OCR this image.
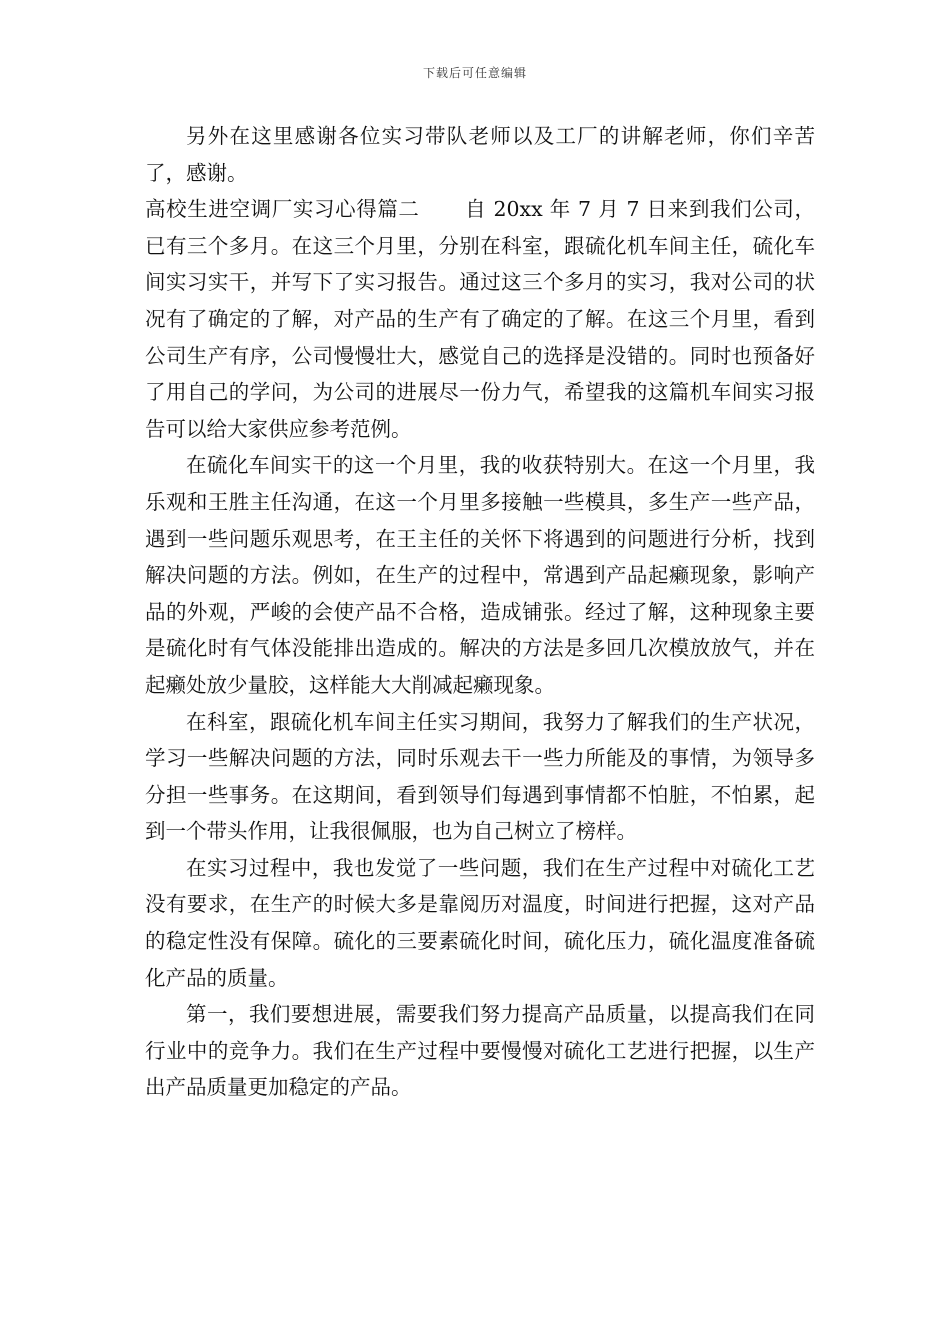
下载后可任意编辑

另外在这里感谢各位实习带队老师以及工厂的讲解老师，你们辛苦了，感谢。

高校生进空调厂实习心得篇二 自 20xx 年 7 月 7 日来到我们公司，已有三个多月。在这三个月里，分别在科室，跟硫化机车间主任，硫化车间实习实干，并写下了实习报告。通过这三个多月的实习，我对公司的状况有了确定的了解，对产品的生产有了确定的了解。在这三个月里，看到公司生产有序，公司慢慢壮大，感觉自己的选择是没错的。同时也预备好了用自己的学问，为公司的进展尽一份力气，希望我的这篇机车间实习报告可以给大家供应参考范例。

在硫化车间实干的这一个月里，我的收获特别大。在这一个月里，我乐观和王胜主任沟通，在这一个月里多接触一些模具，多生产一些产品，遇到一些问题乐观思考，在王主任的关怀下将遇到的问题进行分析，找到解决问题的方法。例如，在生产的过程中，常遇到产品起癞现象，影响产品的外观，严峻的会使产品不合格，造成铺张。经过了解，这种现象主要是硫化时有气体没能排出造成的。解决的方法是多回几次模放放气，并在起癞处放少量胶，这样能大大削减起癞现象。

在科室，跟硫化机车间主任实习期间，我努力了解我们的生产状况，学习一些解决问题的方法，同时乐观去干一些力所能及的事情，为领导多分担一些事务。在这期间，看到领导们每遇到事情都不怕脏，不怕累，起到一个带头作用，让我很佩服，也为自己树立了榜样。

在实习过程中，我也发觉了一些问题，我们在生产过程中对硫化工艺没有要求，在生产的时候大多是靠阅历对温度，时间进行把握，这对产品的稳定性没有保障。硫化的三要素硫化时间，硫化压力，硫化温度准备硫化产品的质量。

第一，我们要想进展，需要我们努力提高产品质量，以提高我们在同行业中的竞争力。我们在生产过程中要慢慢对硫化工艺进行把握，以生产出产品质量更加稳定的产品。
